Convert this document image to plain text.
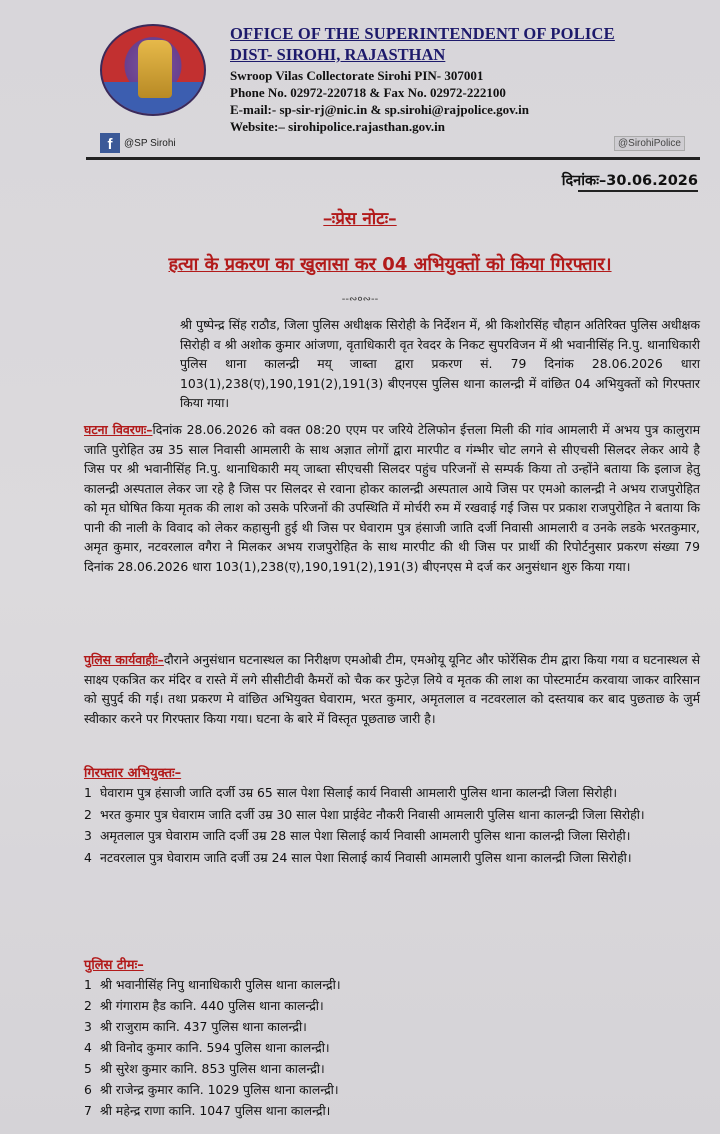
OFFICE OF THE SUPERINTENDENT OF POLICE
DIST- SIROHI, RAJASTHAN
Swroop Vilas Collectorate Sirohi PIN- 307001
Phone No. 02972-220718 & Fax No. 02972-222100
E-mail:- sp-sir-rj@nic.in & sp.sirohi@rajpolice.gov.in
Website:– sirohipolice.rajasthan.gov.in
f	@SP Sirohi	@SirohiPolice
दिनांकः–30.06.2026
–ःप्रेस नोटः–
हत्या के प्रकरण का खुलासा कर 04 अभियुक्तों को किया गिरफ्तार।
--∾०∾--
श्री पुष्पेन्द्र सिंह राठौड, जिला पुलिस अधीक्षक सिरोही के निर्देशन में, श्री किशोरसिंह चौहान अतिरिक्त पुलिस अधीक्षक सिरोही व श्री अशोक कुमार आंजणा, वृताधिकारी वृत रेवदर के निकट सुपरविजन में श्री भवानीसिंह नि.पु. थानाधिकारी पुलिस थाना कालन्द्री मय् जाब्ता द्वारा प्रकरण सं. 79 दिनांक 28.06.2026 धारा 103(1),238(ए),190,191(2),191(3) बीएनएस पुलिस थाना कालन्द्री में वांछित 04 अभियुक्तों को गिरफ्तार किया गया।
घटना विवरणः–दिनांक 28.06.2026 को वक्त 08:20 एएम पर जरिये टेलिफोन ईत्तला मिली की गांव आमलारी में अभय पुत्र कालुराम जाति पुरोहित उम्र 35 साल निवासी आमलारी के साथ अज्ञात लोगों द्वारा मारपीट व गंम्भीर चोट लगने से सीएचसी सिलदर लेकर आये है जिस पर श्री भवानीसिंह नि.पु. थानाधिकारी मय् जाब्ता सीएचसी सिलदर पहुंच परिजनों से सम्पर्क किया तो उन्होंने बताया कि इलाज हेतु कालन्द्री अस्पताल लेकर जा रहे है जिस पर सिलदर से रवाना होकर कालन्द्री अस्पताल आये जिस पर एमओ कालन्द्री ने अभय राजपुरोहित को मृत घोषित किया मृतक की लाश को उसके परिजनों की उपस्थिति में मोर्चरी रुम में रखवाई गई जिस पर प्रकाश राजपुरोहित ने बताया कि पानी की नाली के विवाद को लेकर कहासुनी हुई थी जिस पर घेवाराम पुत्र हंसाजी जाति दर्जी निवासी आमलारी व उनके लडके भरतकुमार, अमृत कुमार, नटवरलाल वगैरा ने मिलकर अभय राजपुरोहित के साथ मारपीट की थी जिस पर प्रार्थी की रिपोर्टनुसार प्रकरण संख्या 79 दिनांक 28.06.2026 धारा 103(1),238(ए),190,191(2),191(3) बीएनएस मे दर्ज कर अनुसंधान शुरु किया गया।
पुलिस कार्यवाहीः–दौराने अनुसंधान घटनास्थल का निरीक्षण एमओबी टीम, एमओयू यूनिट और फोरेंसिक टीम द्वारा किया गया व घटनास्थल से साक्ष्य एकत्रित कर मंदिर व रास्ते में लगे सीसीटीवी कैमरों को चैक कर फुटेज़ लिये व मृतक की लाश का पोस्टमार्टम करवाया जाकर वारिसान को सुपुर्द की गई। तथा प्रकरण मे वांछित अभियुक्त घेवाराम, भरत कुमार, अमृतलाल व नटवरलाल को दस्तयाब कर बाद पुछताछ के जुर्म स्वीकार करने पर गिरफ्तार किया गया। घटना के बारे में विस्तृत पूछताछ जारी है।
गिरफ्तार अभियुक्तः–
1 घेवाराम पुत्र हंसाजी जाति दर्जी उम्र 65 साल पेशा सिलाई कार्य निवासी आमलारी पुलिस थाना कालन्द्री जिला सिरोही।
2 भरत कुमार पुत्र घेवाराम जाति दर्जी उम्र 30 साल पेशा प्राईवेट नौकरी निवासी आमलारी पुलिस थाना कालन्द्री जिला सिरोही।
3 अमृतलाल पुत्र घेवाराम जाति दर्जी उम्र 28 साल पेशा सिलाई कार्य निवासी आमलारी पुलिस थाना कालन्द्री जिला सिरोही।
4 नटवरलाल पुत्र घेवाराम जाति दर्जी उम्र 24 साल पेशा सिलाई कार्य निवासी आमलारी पुलिस थाना कालन्द्री जिला सिरोही।
पुलिस टीमः–
1 श्री भवानीसिंह निपु थानाधिकारी पुलिस थाना कालन्द्री।
2 श्री गंगाराम हैड कानि. 440 पुलिस थाना कालन्द्री।
3 श्री राजुराम कानि. 437 पुलिस थाना कालन्द्री।
4 श्री विनोद कुमार कानि. 594 पुलिस थाना कालन्द्री।
5 श्री सुरेश कुमार कानि. 853 पुलिस थाना कालन्द्री।
6 श्री राजेन्द्र कुमार कानि. 1029 पुलिस थाना कालन्द्री।
7 श्री महेन्द्र राणा कानि. 1047 पुलिस थाना कालन्द्री।
